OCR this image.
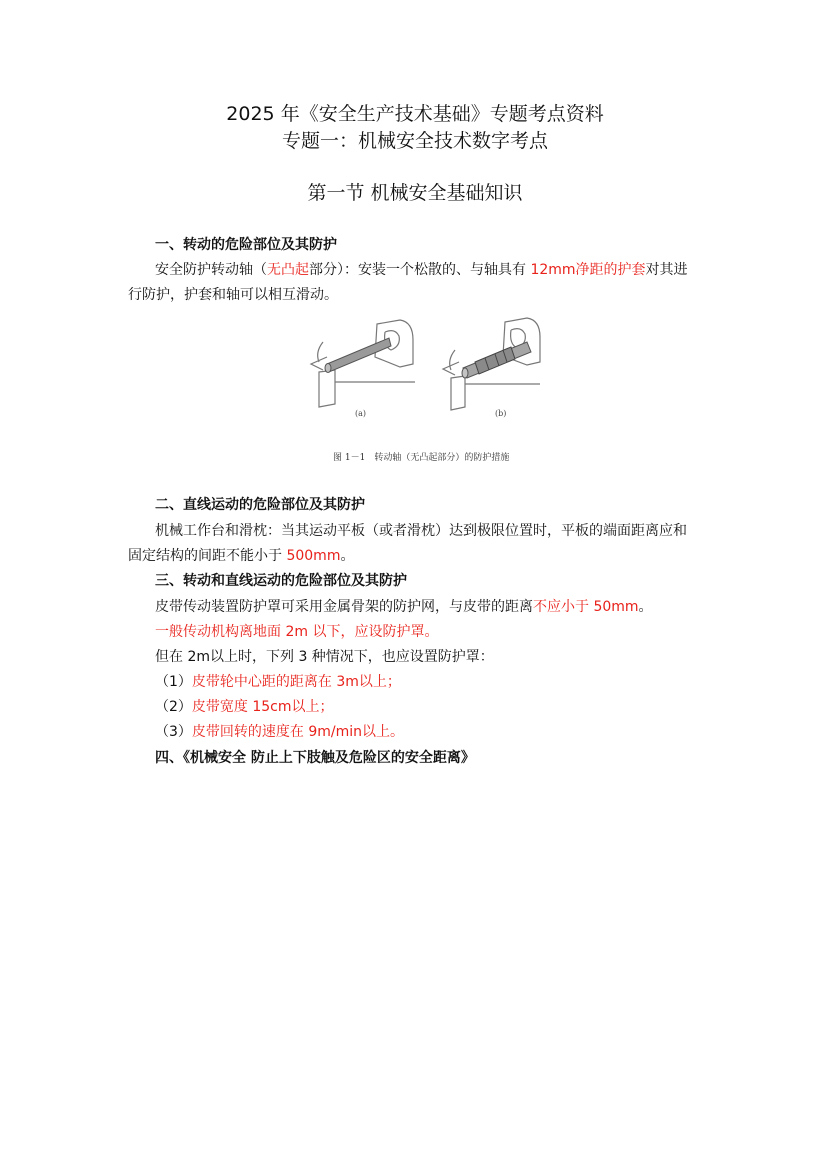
2025 年《安全生产技术基础》专题考点资料
专题一：机械安全技术数字考点
第一节 机械安全基础知识
一、转动的危险部位及其防护
安全防护转动轴（无凸起部分）：安装一个松散的、与轴具有 12mm净距的护套对其进
行防护，护套和轴可以相互滑动。
(a)	(b)
图 1－1　转动轴（无凸起部分）的防护措施
二、直线运动的危险部位及其防护
机械工作台和滑枕：当其运动平板（或者滑枕）达到极限位置时，平板的端面距离应和
固定结构的间距不能小于 500mm。
三、转动和直线运动的危险部位及其防护
皮带传动装置防护罩可采用金属骨架的防护网，与皮带的距离不应小于 50mm。
一般传动机构离地面 2m 以下，应设防护罩。
但在 2m以上时，下列 3 种情况下，也应设置防护罩：
（1）皮带轮中心距的距离在 3m以上；
（2）皮带宽度 15cm以上；
（3）皮带回转的速度在 9m/min以上。
四、《机械安全 防止上下肢触及危险区的安全距离》
